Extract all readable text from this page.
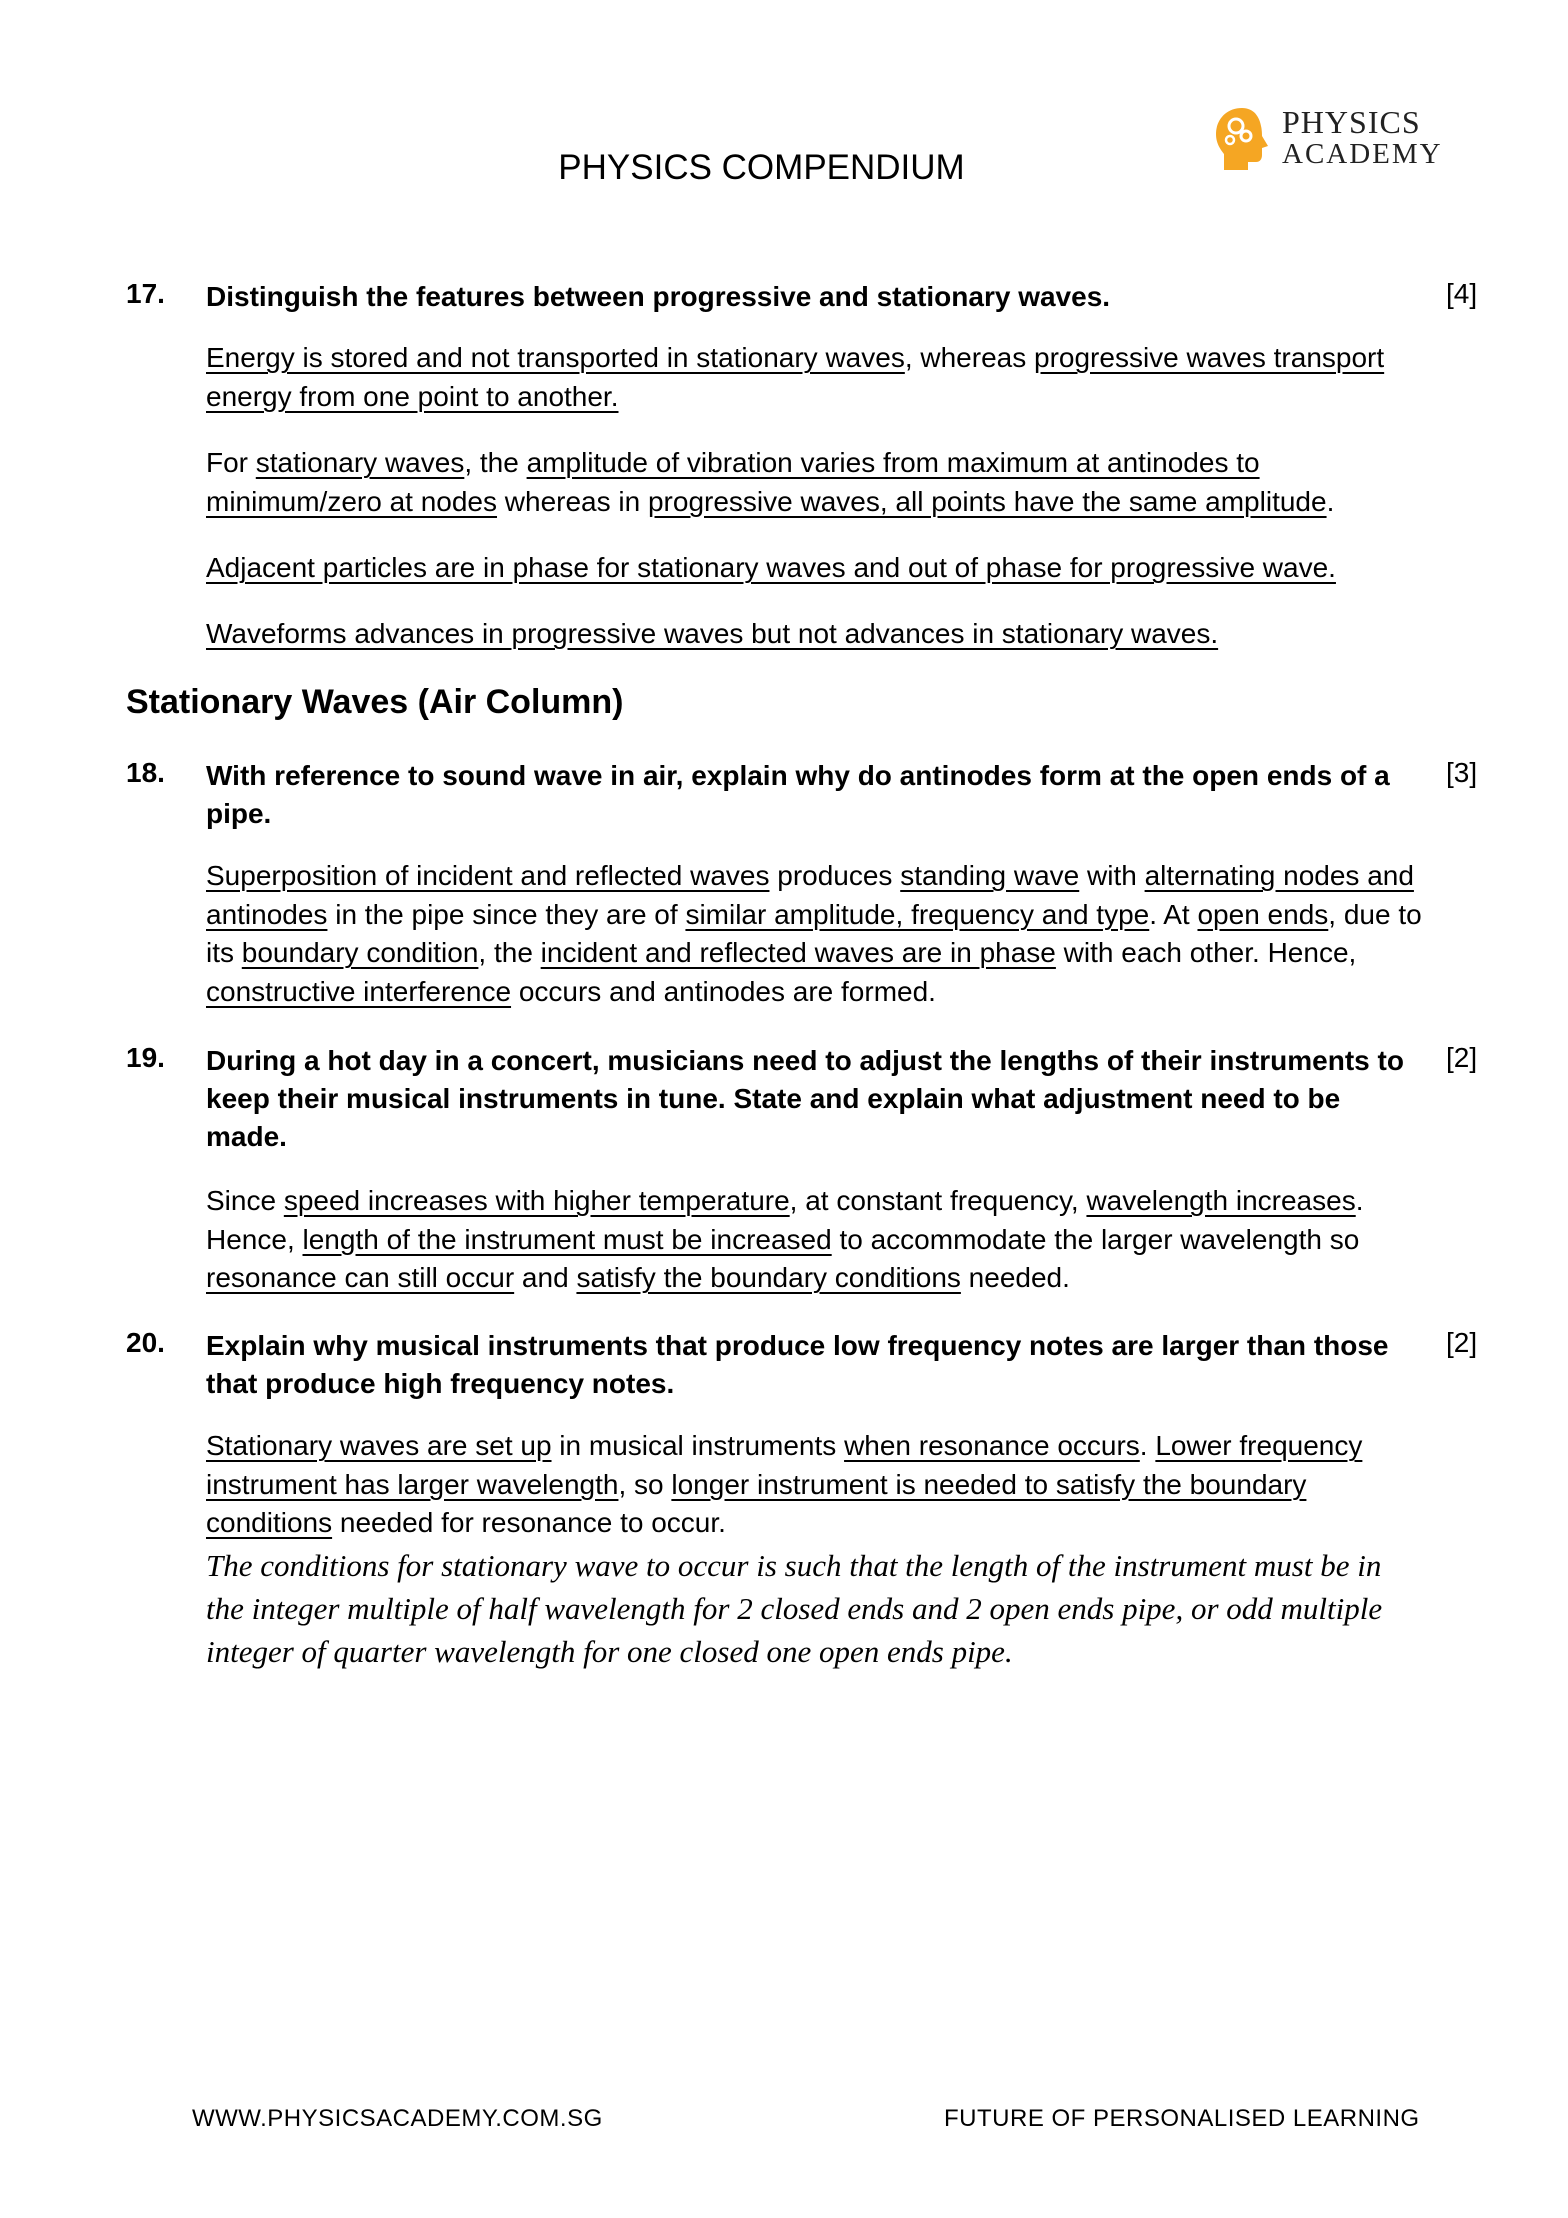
PHYSICS COMPENDIUM
PHYSICS
ACADEMY
17. Distinguish the features between progressive and stationary waves.	[4]
Energy is stored and not transported in stationary waves, whereas progressive waves transport energy from one point to another.
For stationary waves, the amplitude of vibration varies from maximum at antinodes to minimum/zero at nodes whereas in progressive waves, all points have the same amplitude.
Adjacent particles are in phase for stationary waves and out of phase for progressive wave.
Waveforms advances in progressive waves but not advances in stationary waves.
Stationary Waves (Air Column)
18. With reference to sound wave in air, explain why do antinodes form at the open ends of a pipe.
[3]
Superposition of incident and reflected waves produces standing wave with alternating nodes and antinodes in the pipe since they are of similar amplitude, frequency and type. At open ends, due to its boundary condition, the incident and reflected waves are in phase with each other. Hence, constructive interference occurs and antinodes are formed.
19. During a hot day in a concert, musicians need to adjust the lengths of their instruments to keep their musical instruments in tune. State and explain what adjustment need to be made.
[2]
Since speed increases with higher temperature, at constant frequency, wavelength increases. Hence, length of the instrument must be increased to accommodate the larger wavelength so resonance can still occur and satisfy the boundary conditions needed.
20. Explain why musical instruments that produce low frequency notes are larger than those that produce high frequency notes.
[2]
Stationary waves are set up in musical instruments when resonance occurs. Lower frequency instrument has larger wavelength, so longer instrument is needed to satisfy the boundary conditions needed for resonance to occur.
The conditions for stationary wave to occur is such that the length of the instrument must be in the integer multiple of half wavelength for 2 closed ends and 2 open ends pipe, or odd multiple integer of quarter wavelength for one closed one open ends pipe.
WWW.PHYSICSACADEMY.COM.SG	FUTURE OF PERSONALISED LEARNING
